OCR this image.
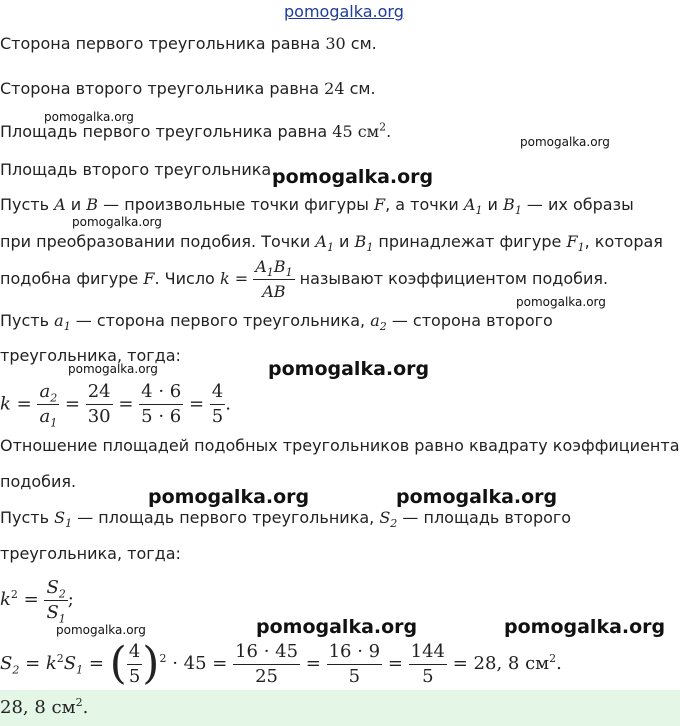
pomogalka.org
pomogalka.org
pomogalka.org
pomogalka.org
pomogalka.org
pomogalka.org
pomogalka.org	pomogalka.org
pomogalka.org	pomogalka.org
pomogalka.org	pomogalka.org	pomogalka.org
Сторона первого треугольника равна 30 см.
Сторона второго треугольника равна 24 см.
Площадь первого треугольника равна 45 $см^2$.
Площадь второго треугольника.
Пусть A и B — произвольные точки фигуры F, а точки $A_1$ и $B_1$ — их образы
при преобразовании подобия. Точки $A_1$ и $B_1$ принадлежат фигуре $F_1$, которая
подобна фигуре F. Число $k = \frac{A_1B_1}{AB}$ называют коэффициентом подобия.
Пусть $a_1$ — сторона первого треугольника, $a_2$ — сторона второго
треугольника, тогда:
$k = \frac{a_2}{a_1} = \frac{24}{30} = \frac{4 \cdot 6}{5 \cdot 6} = \frac{4}{5}$ .
Отношение площадей подобных треугольников равно квадрату коэффициента
подобия.
Пусть $S_1$ — площадь первого треугольника, $S_2$ — площадь второго
треугольника, тогда:
$k^2 = \frac{S_2}{S_1}$ ;
$S_2 = k^2S_1$ = ( $\frac{4}{5} )^2 \cdot 45 = \frac{16 \cdot 45}{25} = \frac{16 \cdot 9}{5} = \frac{144}{5} = 28$, 8 $см^2$.
28, 8 $см^2$.
